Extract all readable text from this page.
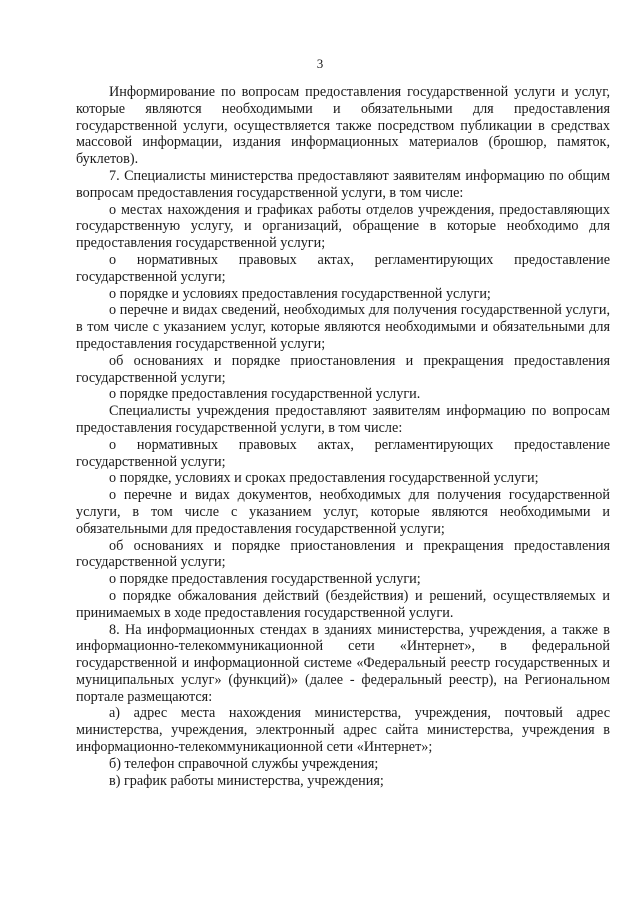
3

Информирование по вопросам предоставления государственной услуги и услуг, которые являются необходимыми и обязательными для предоставления государственной услуги, осуществляется также посредством публикации в средствах массовой информации, издания информационных материалов (брошюр, памяток, буклетов).

7. Специалисты министерства предоставляют заявителям информацию по общим вопросам предоставления государственной услуги, в том числе:

о местах нахождения и графиках работы отделов учреждения, предоставляющих государственную услугу, и организаций, обращение в которые необходимо для предоставления государственной услуги;

о нормативных правовых актах, регламентирующих предоставление государственной услуги;

о порядке и условиях предоставления государственной услуги;

о перечне и видах сведений, необходимых для получения государственной услуги, в том числе с указанием услуг, которые являются необходимыми и обязательными для предоставления государственной услуги;

об основаниях и порядке приостановления и прекращения предоставления государственной услуги;

о порядке предоставления государственной услуги.

Специалисты учреждения предоставляют заявителям информацию по вопросам предоставления государственной услуги, в том числе:

о нормативных правовых актах, регламентирующих предоставление государственной услуги;

о порядке, условиях и сроках предоставления государственной услуги;

о перечне и видах документов, необходимых для получения государственной услуги, в том числе с указанием услуг, которые являются необходимыми и обязательными для предоставления государственной услуги;

об основаниях и порядке приостановления и прекращения предоставления государственной услуги;

о порядке предоставления государственной услуги;

о порядке обжалования действий (бездействия) и решений, осуществляемых и принимаемых в ходе предоставления государственной услуги.

8. На информационных стендах в зданиях министерства, учреждения, а также в информационно-телекоммуникационной сети «Интернет», в федеральной государственной и информационной системе «Федеральный реестр государственных и муниципальных услуг» (функций)» (далее - федеральный реестр), на Региональном портале размещаются:

а) адрес места нахождения министерства, учреждения, почтовый адрес министерства, учреждения, электронный адрес сайта министерства, учреждения в информационно-телекоммуникационной сети «Интернет»;

б) телефон справочной службы учреждения;

в) график работы министерства, учреждения;
